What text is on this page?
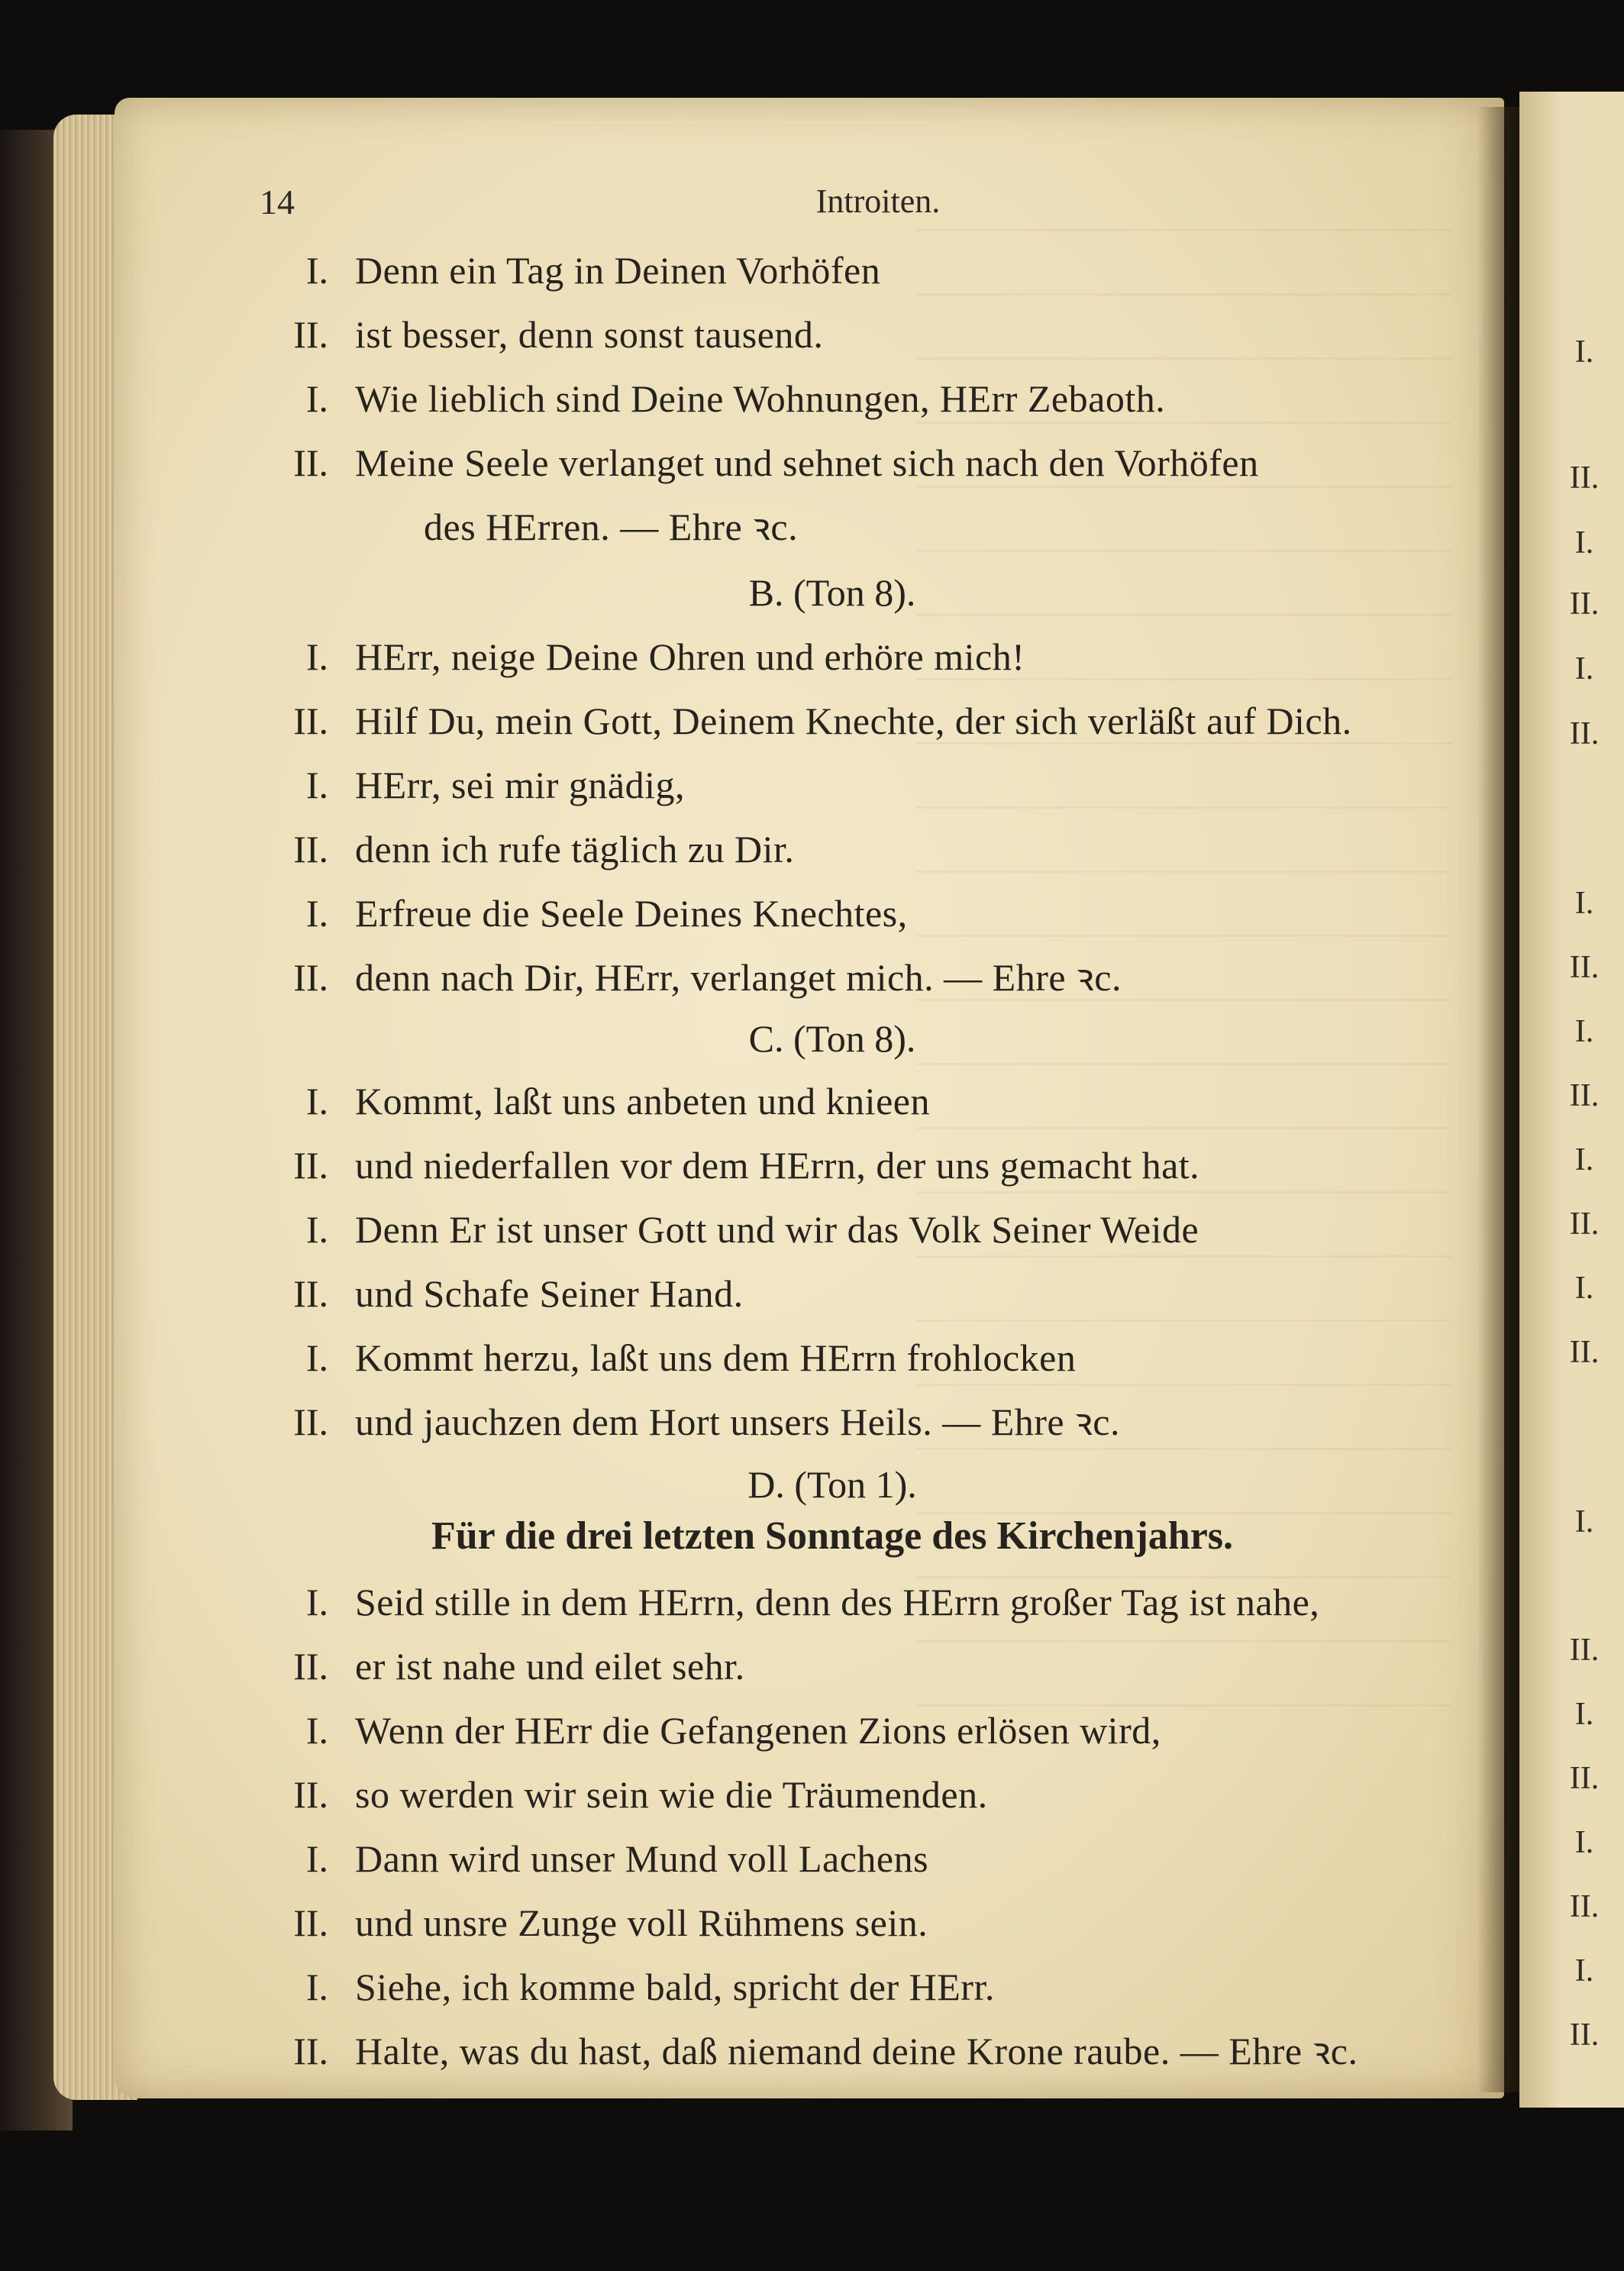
14	Introiten.
I. Denn ein Tag in Deinen Vorhöfen
II. ist besser, denn sonst tausend.
I. Wie lieblich sind Deine Wohnungen, HErr Zebaoth.
II. Meine Seele verlanget und sehnet sich nach den Vorhöfen
des HErren. — Ehre ꝛc.
B. (Ton 8).
I. HErr, neige Deine Ohren und erhöre mich!
II. Hilf Du, mein Gott, Deinem Knechte, der sich verläßt auf Dich.
I. HErr, sei mir gnädig,
II. denn ich rufe täglich zu Dir.
I. Erfreue die Seele Deines Knechtes,
II. denn nach Dir, HErr, verlanget mich. — Ehre ꝛc.
C. (Ton 8).
I. Kommt, laßt uns anbeten und knieen
II. und niederfallen vor dem HErrn, der uns gemacht hat.
I. Denn Er ist unser Gott und wir das Volk Seiner Weide
II. und Schafe Seiner Hand.
I. Kommt herzu, laßt uns dem HErrn frohlocken
II. und jauchzen dem Hort unsers Heils. — Ehre ꝛc.
D. (Ton 1).
Für die drei letzten Sonntage des Kirchenjahrs.
I. Seid stille in dem HErrn, denn des HErrn großer Tag ist nahe,
II. er ist nahe und eilet sehr.
I. Wenn der HErr die Gefangenen Zions erlösen wird,
II. so werden wir sein wie die Träumenden.
I. Dann wird unser Mund voll Lachens
II. und unsre Zunge voll Rühmens sein.
I. Siehe, ich komme bald, spricht der HErr.
II. Halte, was du hast, daß niemand deine Krone raube. — Ehre ꝛc.
I.
II.
I.
II.
I.
II.
I.
II.
I.
II.
I.
II.
I.
II.
I.
II.
I.
II.
I.
II.
I.
II.
